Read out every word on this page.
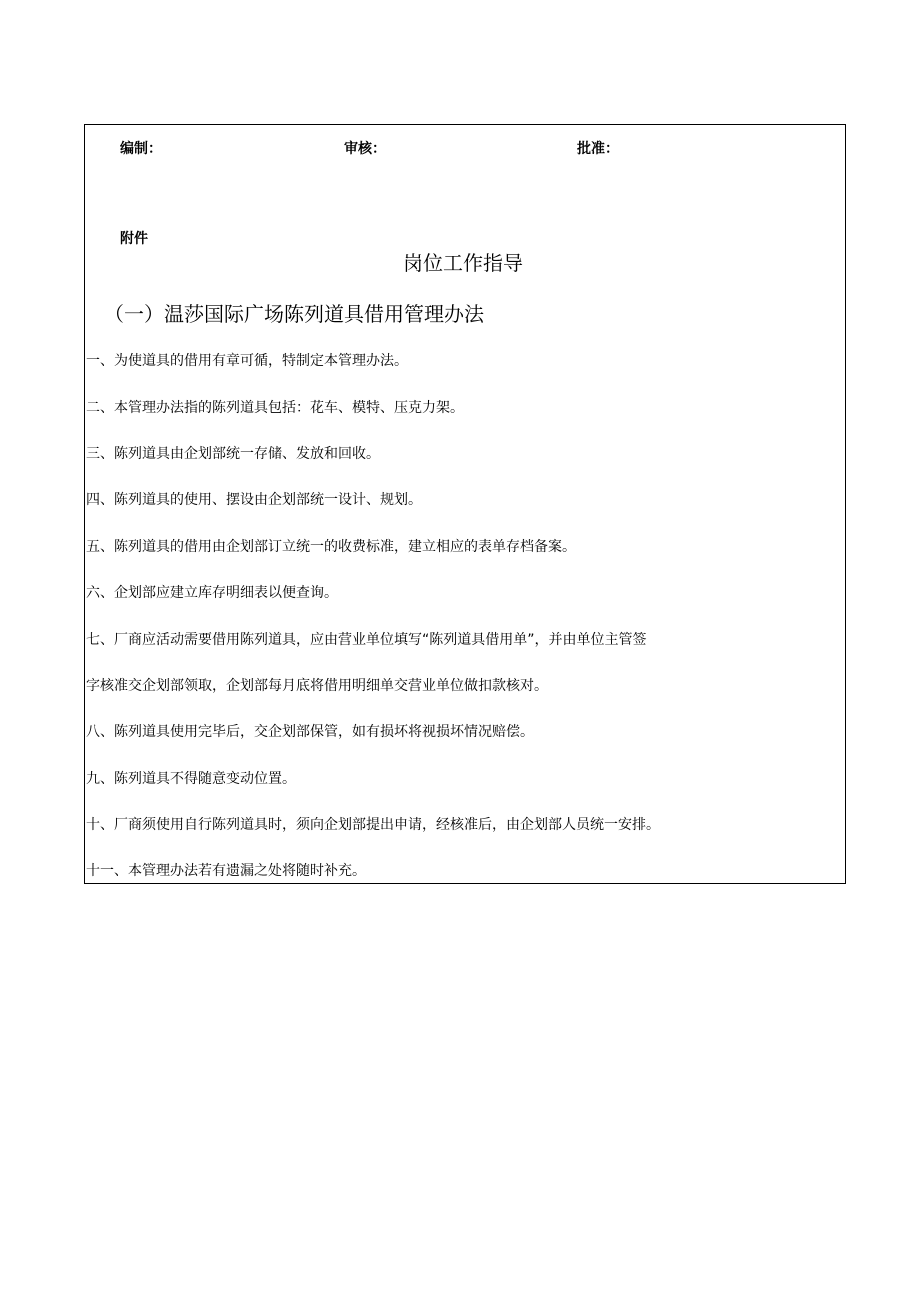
编制：	审核：	批准：
附件
岗位工作指导
（一）温莎国际广场陈列道具借用管理办法
一、为使道具的借用有章可循，特制定本管理办法。
二、本管理办法指的陈列道具包括：花车、模特、压克力架。
三、陈列道具由企划部统一存储、发放和回收。
四、陈列道具的使用、摆设由企划部统一设计、规划。
五、陈列道具的借用由企划部订立统一的收费标准，建立相应的表单存档备案。
六、企划部应建立库存明细表以便查询。
七、厂商应活动需要借用陈列道具，应由营业单位填写“陈列道具借用单”，并由单位主管签
字核准交企划部领取，企划部每月底将借用明细单交营业单位做扣款核对。
八、陈列道具使用完毕后，交企划部保管，如有损坏将视损坏情况赔偿。
九、陈列道具不得随意变动位置。
十、厂商须使用自行陈列道具时，须向企划部提出申请，经核准后，由企划部人员统一安排。
十一、本管理办法若有遗漏之处将随时补充。
